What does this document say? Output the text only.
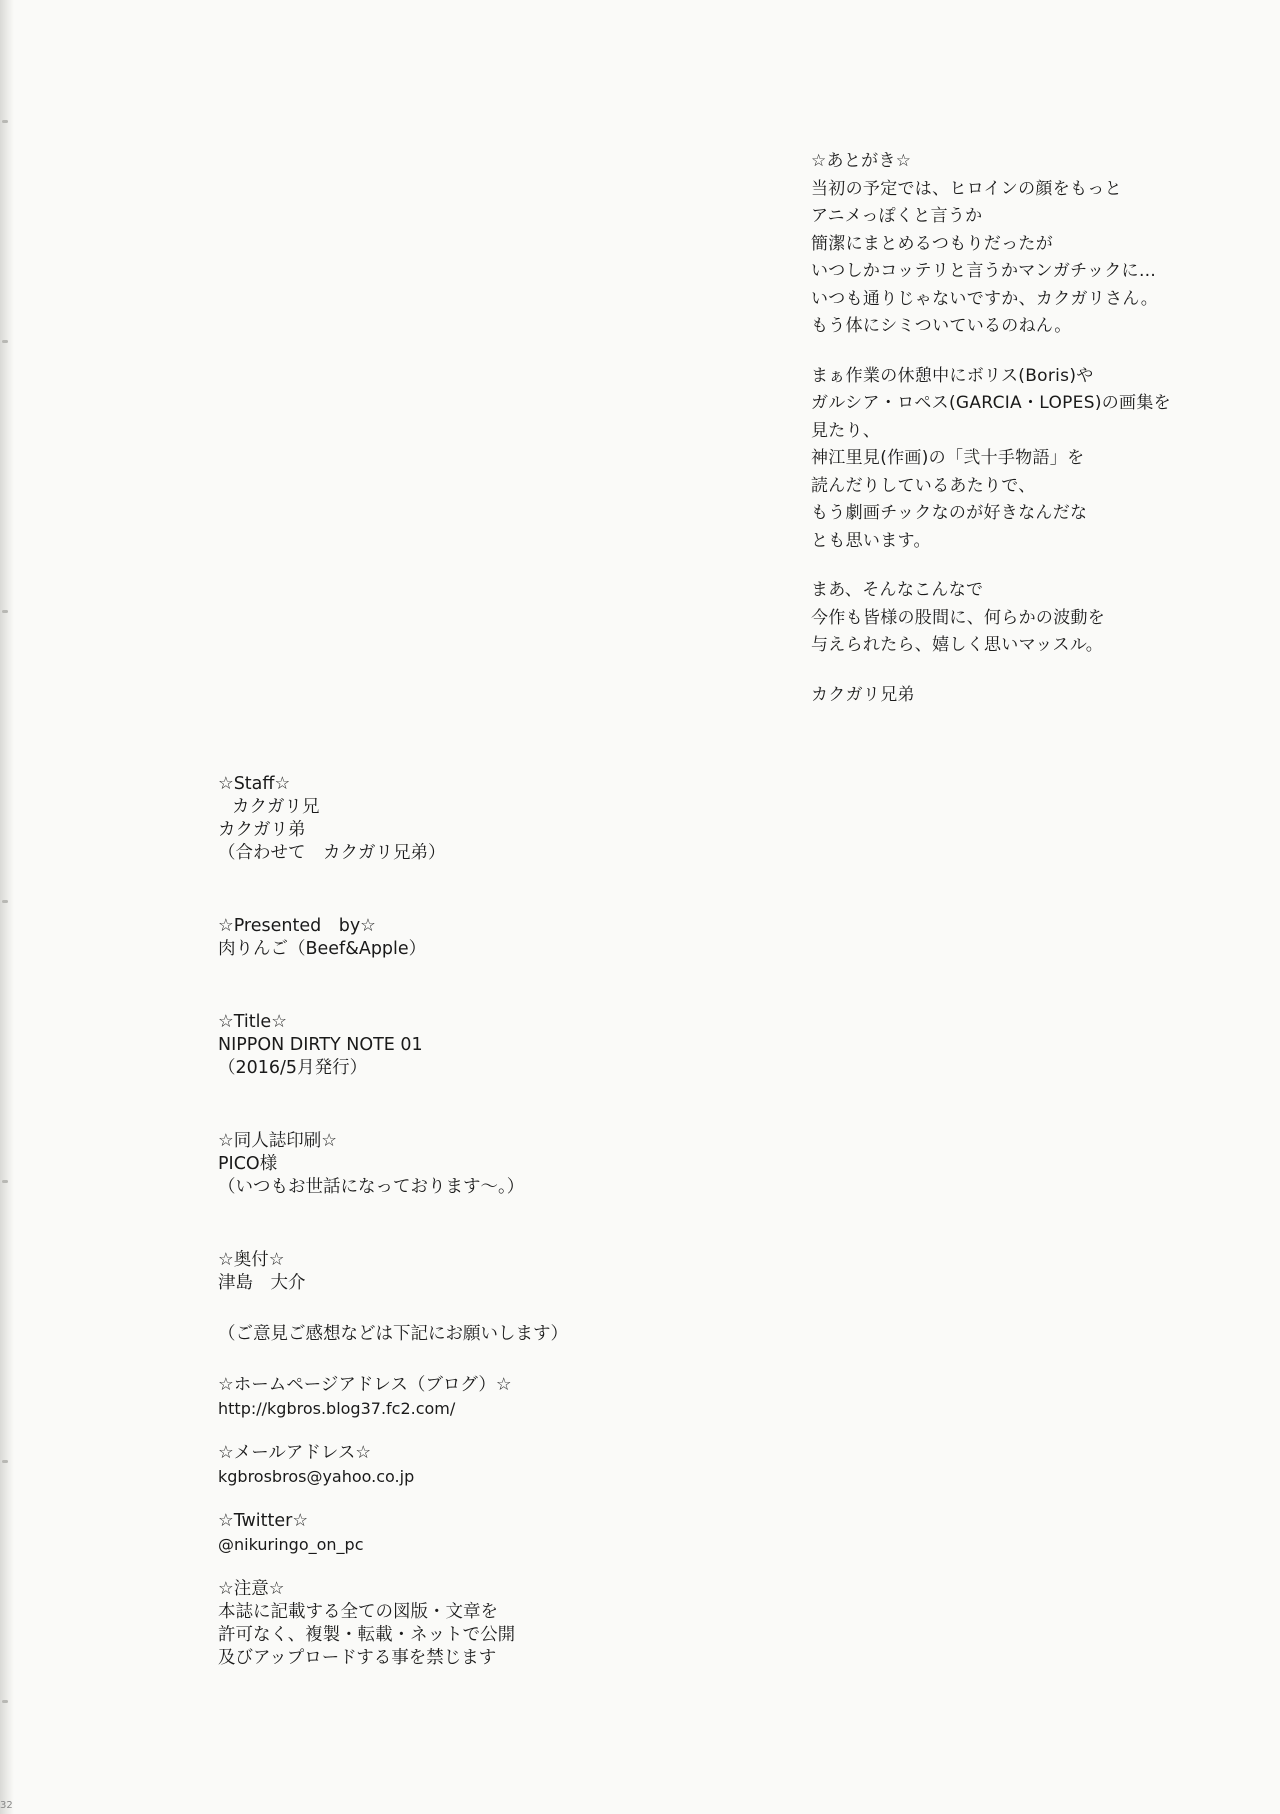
☆あとがき☆

当初の予定では、ヒロインの顔をもっと

アニメっぽくと言うか

簡潔にまとめるつもりだったが

いつしかコッテリと言うかマンガチックに…

いつも通りじゃないですか、カクガリさん。

もう体にシミついているのねん。

まぁ作業の休憩中にボリス(Boris)や

ガルシア・ロペス(GARCIA・LOPES)の画集を

見たり、

神江里見(作画)の「弐十手物語」を

読んだりしているあたりで、

もう劇画チックなのが好きなんだな

とも思います。

まあ、そんなこんなで

今作も皆様の股間に、何らかの波動を

与えられたら、嬉しく思いマッスル。

カクガリ兄弟

☆Staff☆

カクガリ兄

カクガリ弟

（合わせて　カクガリ兄弟）

☆Presented　by☆

肉りんご（Beef&Apple）

☆Title☆

NIPPON DIRTY NOTE 01

（2016/5月発行）

☆同人誌印刷☆

PICO様

（いつもお世話になっております〜。）

☆奥付☆

津島　大介

（ご意見ご感想などは下記にお願いします）

☆ホームページアドレス（ブログ）☆

http://kgbros.blog37.fc2.com/

☆メールアドレス☆

kgbrosbros@yahoo.co.jp

☆Twitter☆

@nikuringo_on_pc

☆注意☆

本誌に記載する全ての図版・文章を

許可なく、複製・転載・ネットで公開

及びアップロードする事を禁じます

32
